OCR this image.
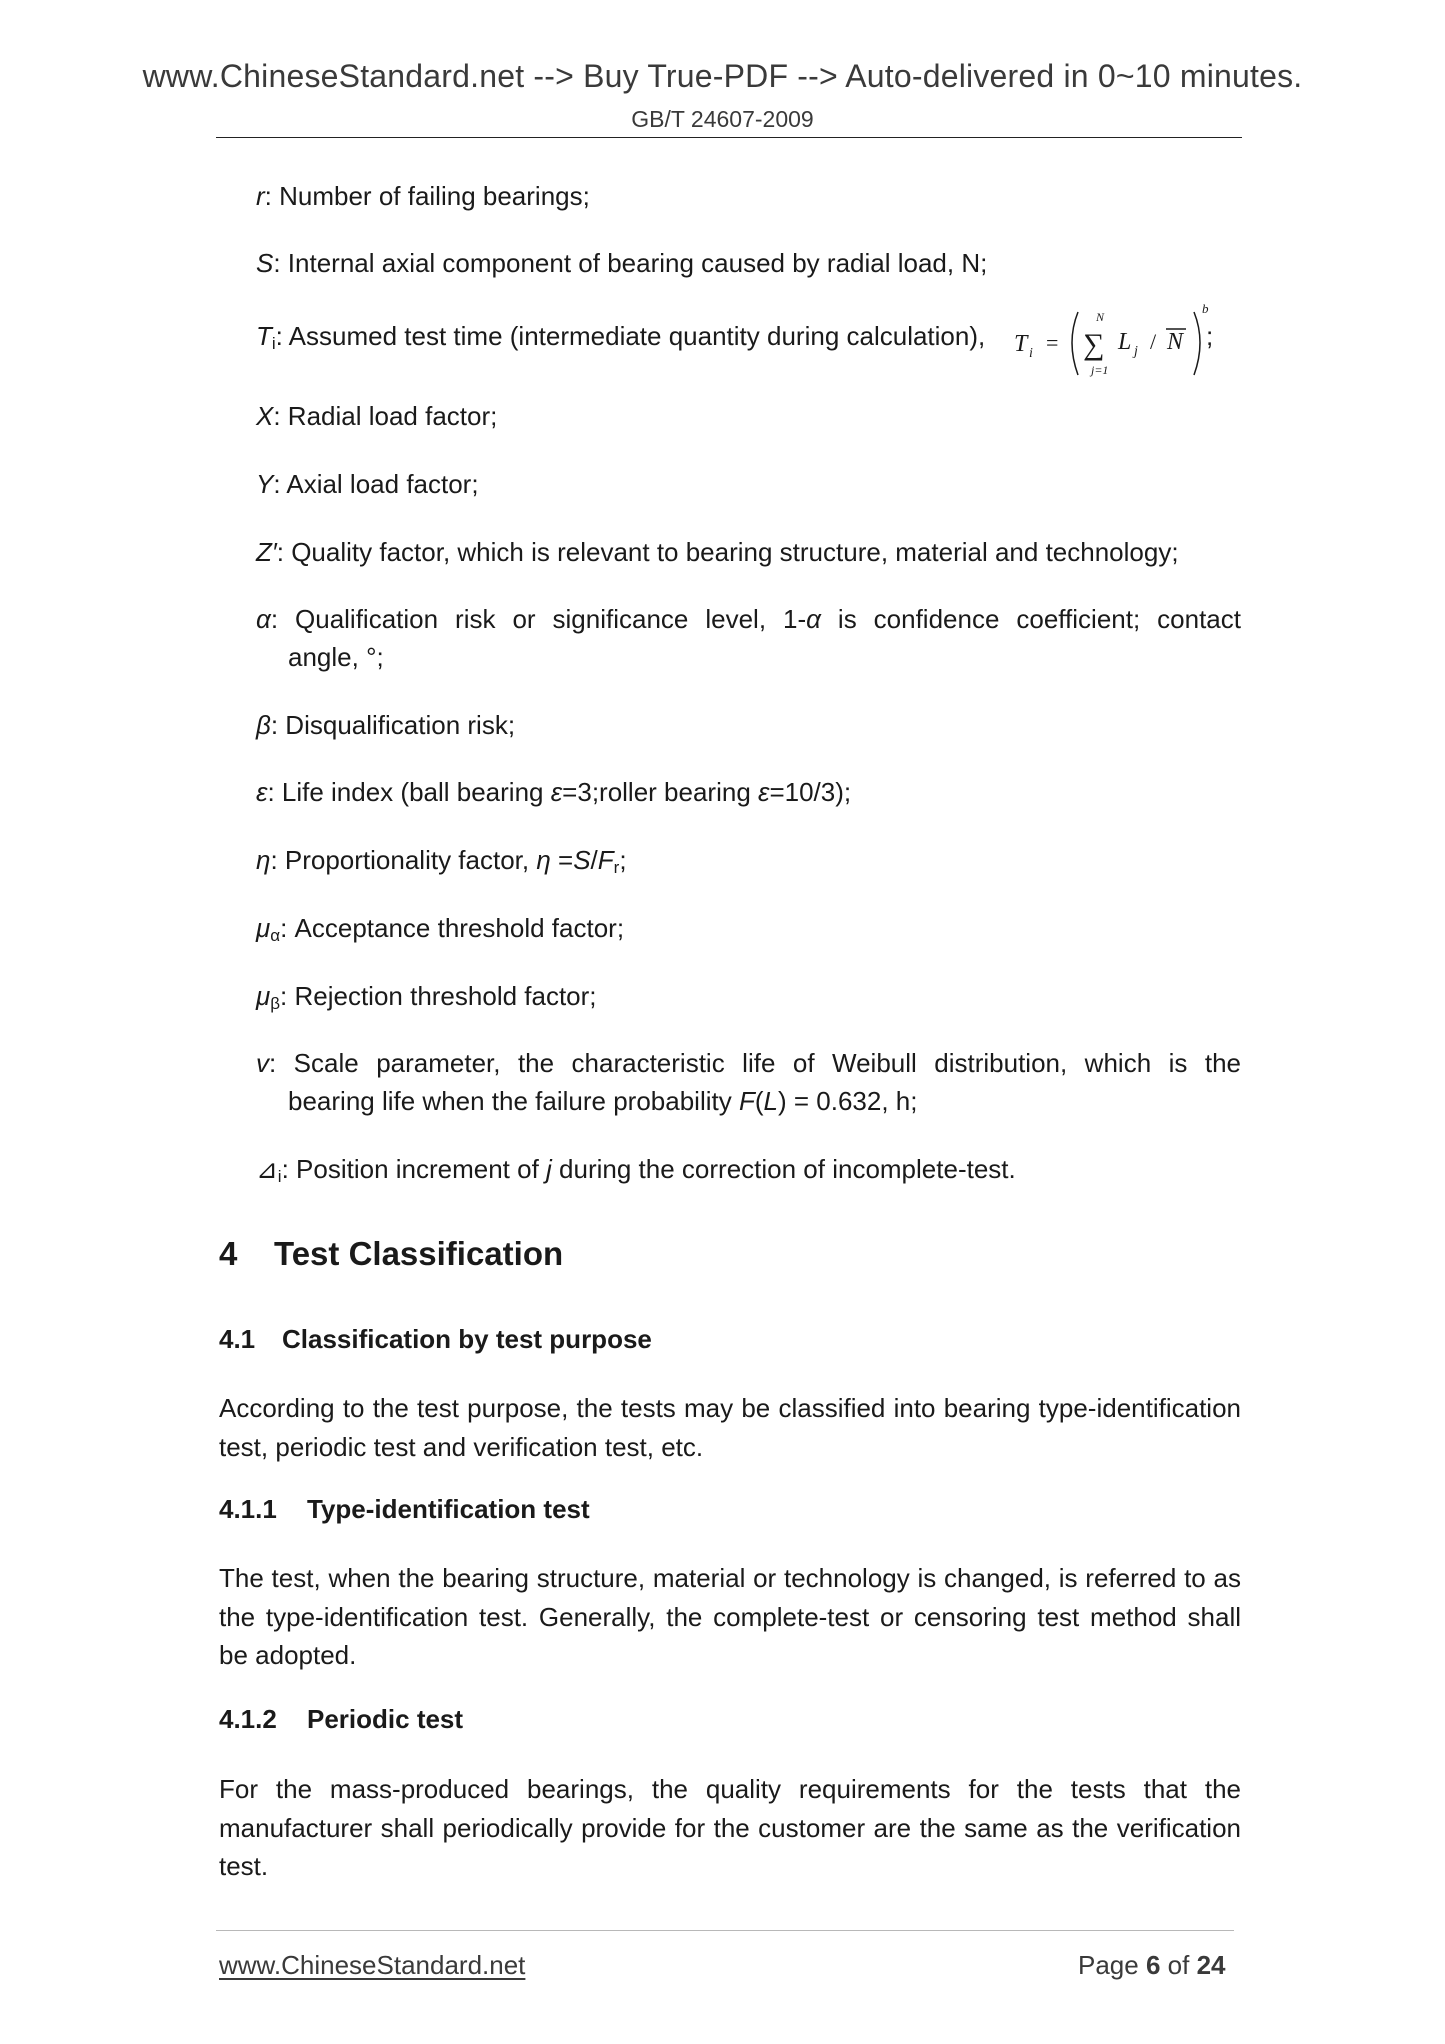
www.ChineseStandard.net --> Buy True-PDF --> Auto-delivered in 0~10 minutes.
GB/T 24607-2009
r: Number of failing bearings;
S: Internal axial component of bearing caused by radial load, N;
Ti: Assumed test time (intermediate quantity during calculation),	T i =
N
∑
j=1
L j / N
b
;
X: Radial load factor;
Y: Axial load factor;
Z′: Quality factor, which is relevant to bearing structure, material and technology;
α: Qualification risk or significance level, 1-α is confidence coefficient; contact
angle, °;
β: Disqualification risk;
ε: Life index (ball bearing ε=3;roller bearing ε=10/3);
η: Proportionality factor, η =S/Fr;
μα: Acceptance threshold factor;
μβ: Rejection threshold factor;
v: Scale parameter, the characteristic life of Weibull distribution, which is the
bearing life when the failure probability F(L) = 0.632, h;
⊿i: Position increment of j during the correction of incomplete-test.
4 Test Classification
4.1 Classification by test purpose
According to the test purpose, the tests may be classified into bearing type-identification test, periodic test and verification test, etc.
4.1.1 Type-identification test
The test, when the bearing structure, material or technology is changed, is referred to as the type-identification test. Generally, the complete-test or censoring test method shall be adopted.
4.1.2 Periodic test
For the mass-produced bearings, the quality requirements for the tests that the manufacturer shall periodically provide for the customer are the same as the verification test.
www.ChineseStandard.net	Page 6 of 24
